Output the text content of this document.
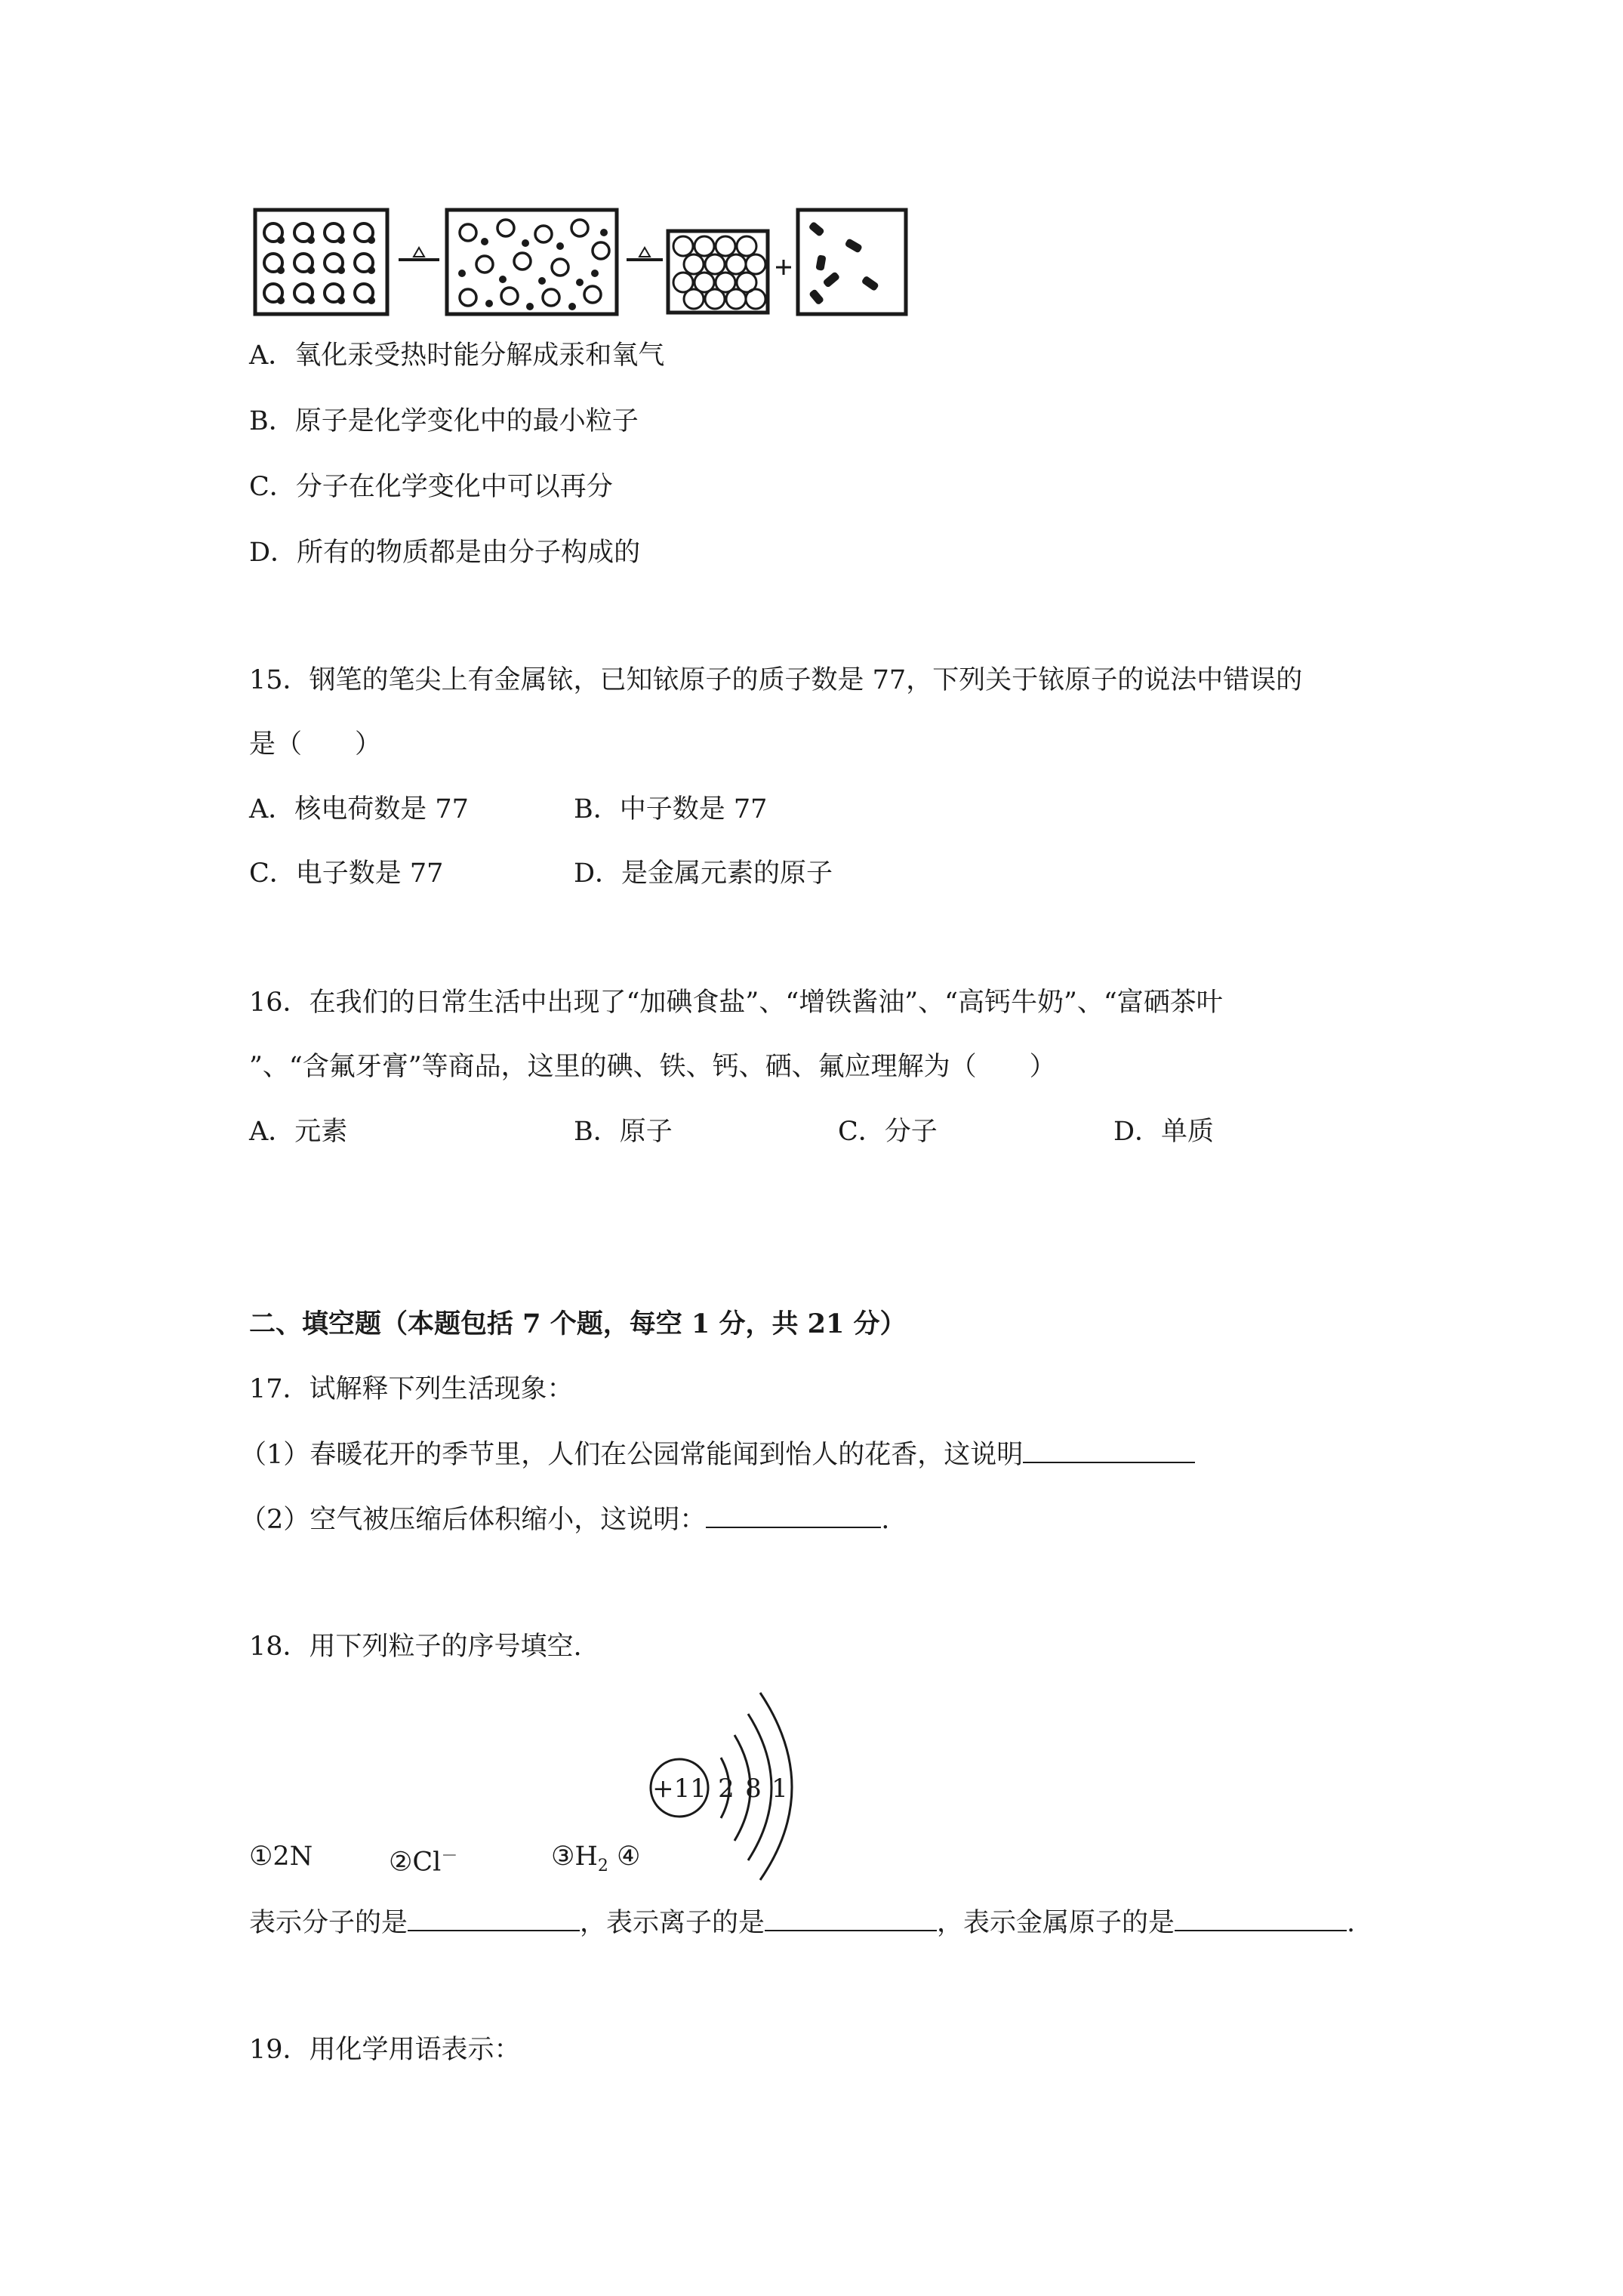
A．氧化汞受热时能分解成汞和氧气
B．原子是化学变化中的最小粒子
C．分子在化学变化中可以再分
D．所有的物质都是由分子构成的
15．钢笔的笔尖上有金属铱，已知铱原子的质子数是 77，下列关于铱原子的说法中错误的
是（　　）
A．核电荷数是 77	B．中子数是 77
C．电子数是 77	D．是金属元素的原子
16．在我们的日常生活中出现了“加碘食盐”、“增铁酱油”、“高钙牛奶”、“富硒茶叶
”、“含氟牙膏”等商品，这里的碘、铁、钙、硒、氟应理解为（　　）
A．元素	B．原子	C．分子	D．单质
二、填空题（本题包括 7 个题，每空 1 分，共 21 分）
17．试解释下列生活现象：
（1）春暖花开的季节里，人们在公园常能闻到怡人的花香，这说明
（2）空气被压缩后体积缩小，这说明：	.
18．用下列粒子的序号填空.
+11 2 8 1
①2N	②Cl－	$③H_2$ ④
表示分子的是	，表示离子的是	，表示金属原子的是	.
19．用化学用语表示：
